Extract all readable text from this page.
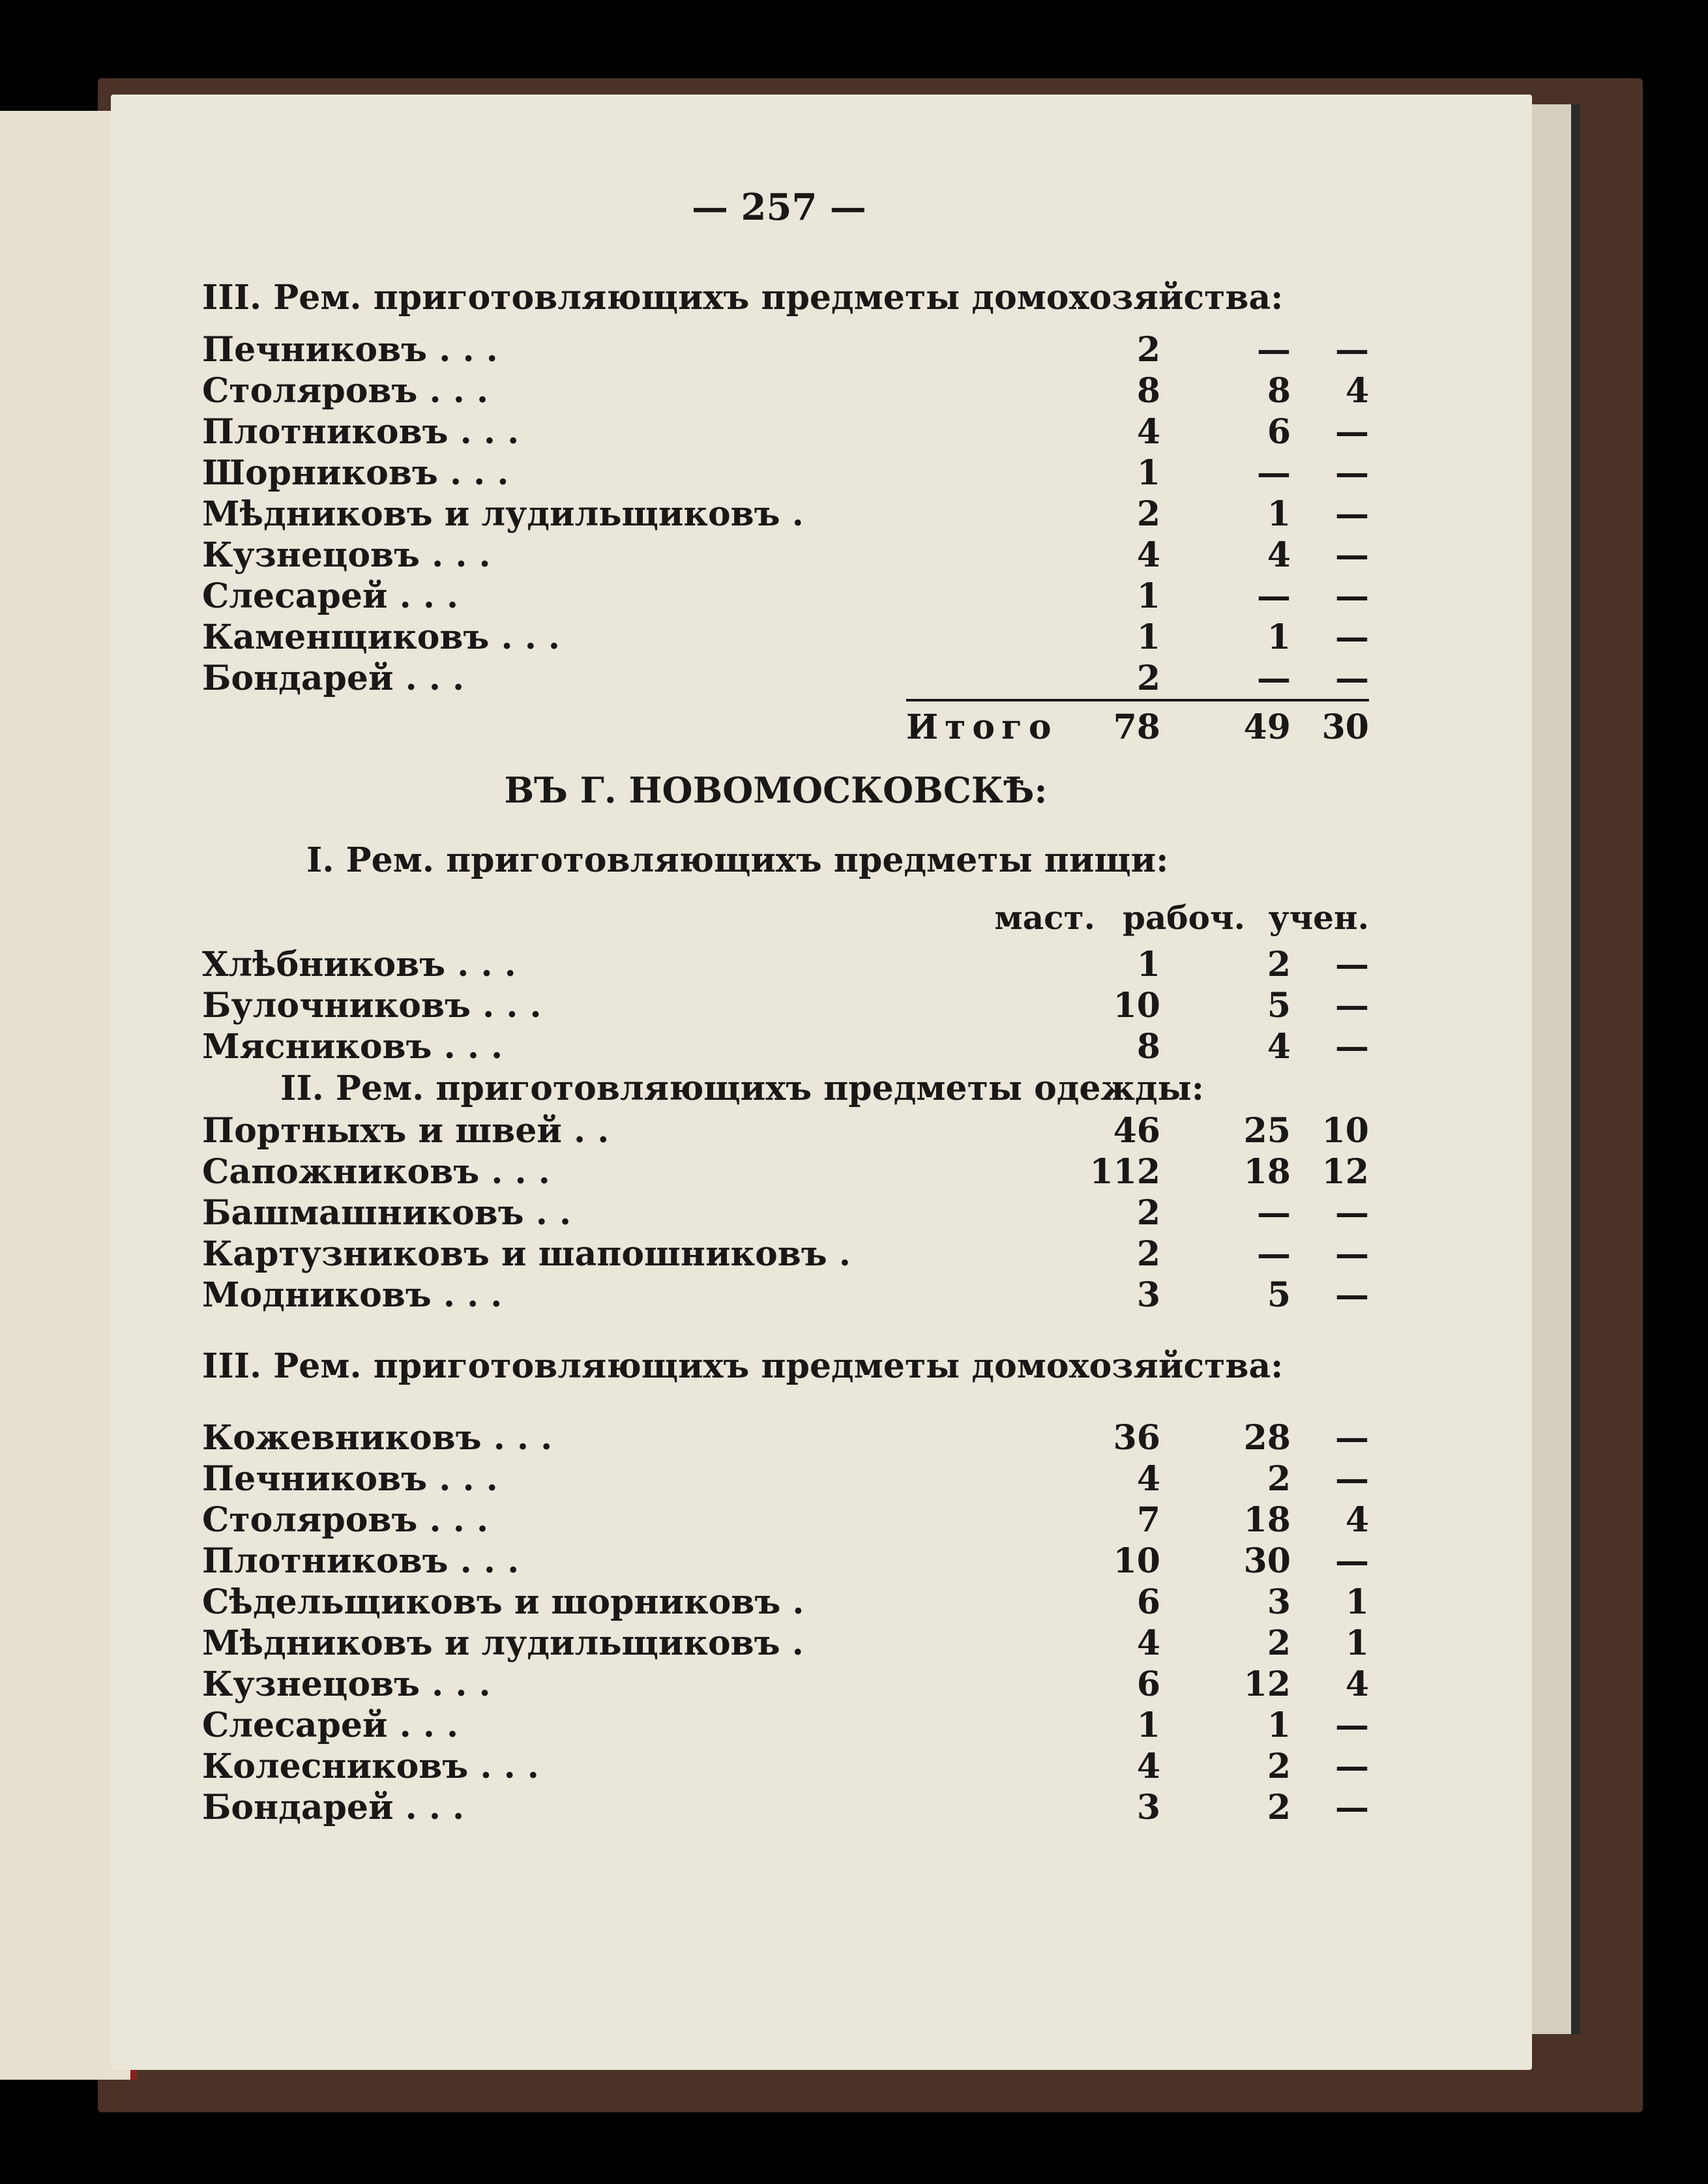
— 257 —
III. Рем. приготовляющихъ предметы домохозяйства:
Печниковъ . . .	2	—	—
Столяровъ . . .	8	8	4
Плотниковъ . . .	4	6	—
Шорниковъ . . .	1	—	—
Мѣдниковъ и лудильщиковъ .	2	1	—
Кузнецовъ . . .	4	4	—
Слесарей . . .	1	—	—
Каменщиковъ . . .	1	1	—
Бондарей . . .	2	—	—
Итого	78	49 30
ВЪ Г. НОВОМОСКОВСКѢ:
I. Рем. приготовляющихъ предметы пищи:
маст. рабоч. учен.
Хлѣбниковъ . . .	1	2	—
Булочниковъ . . .	10	5	—
Мясниковъ . . .	8	4	—
II. Рем. приготовляющихъ предметы одежды:
Портныхъ и швей . .	46	25 10
Сапожниковъ . . .	112	18 12
Башмашниковъ . .	2	—	—
Картузниковъ и шапошниковъ .	2	—	—
Модниковъ . . .	3	5	—
III. Рем. приготовляющихъ предметы домохозяйства:
Кожевниковъ . . .	36	28	—
Печниковъ . . .	4	2	—
Столяровъ . . .	7	18	4
Плотниковъ . . .	10	30	—
Сѣдельщиковъ и шорниковъ .	6	3	1
Мѣдниковъ и лудильщиковъ .	4	2	1
Кузнецовъ . . .	6	12	4
Слесарей . . .	1	1	—
Колесниковъ . . .	4	2	—
Бондарей . . .	3	2	—
